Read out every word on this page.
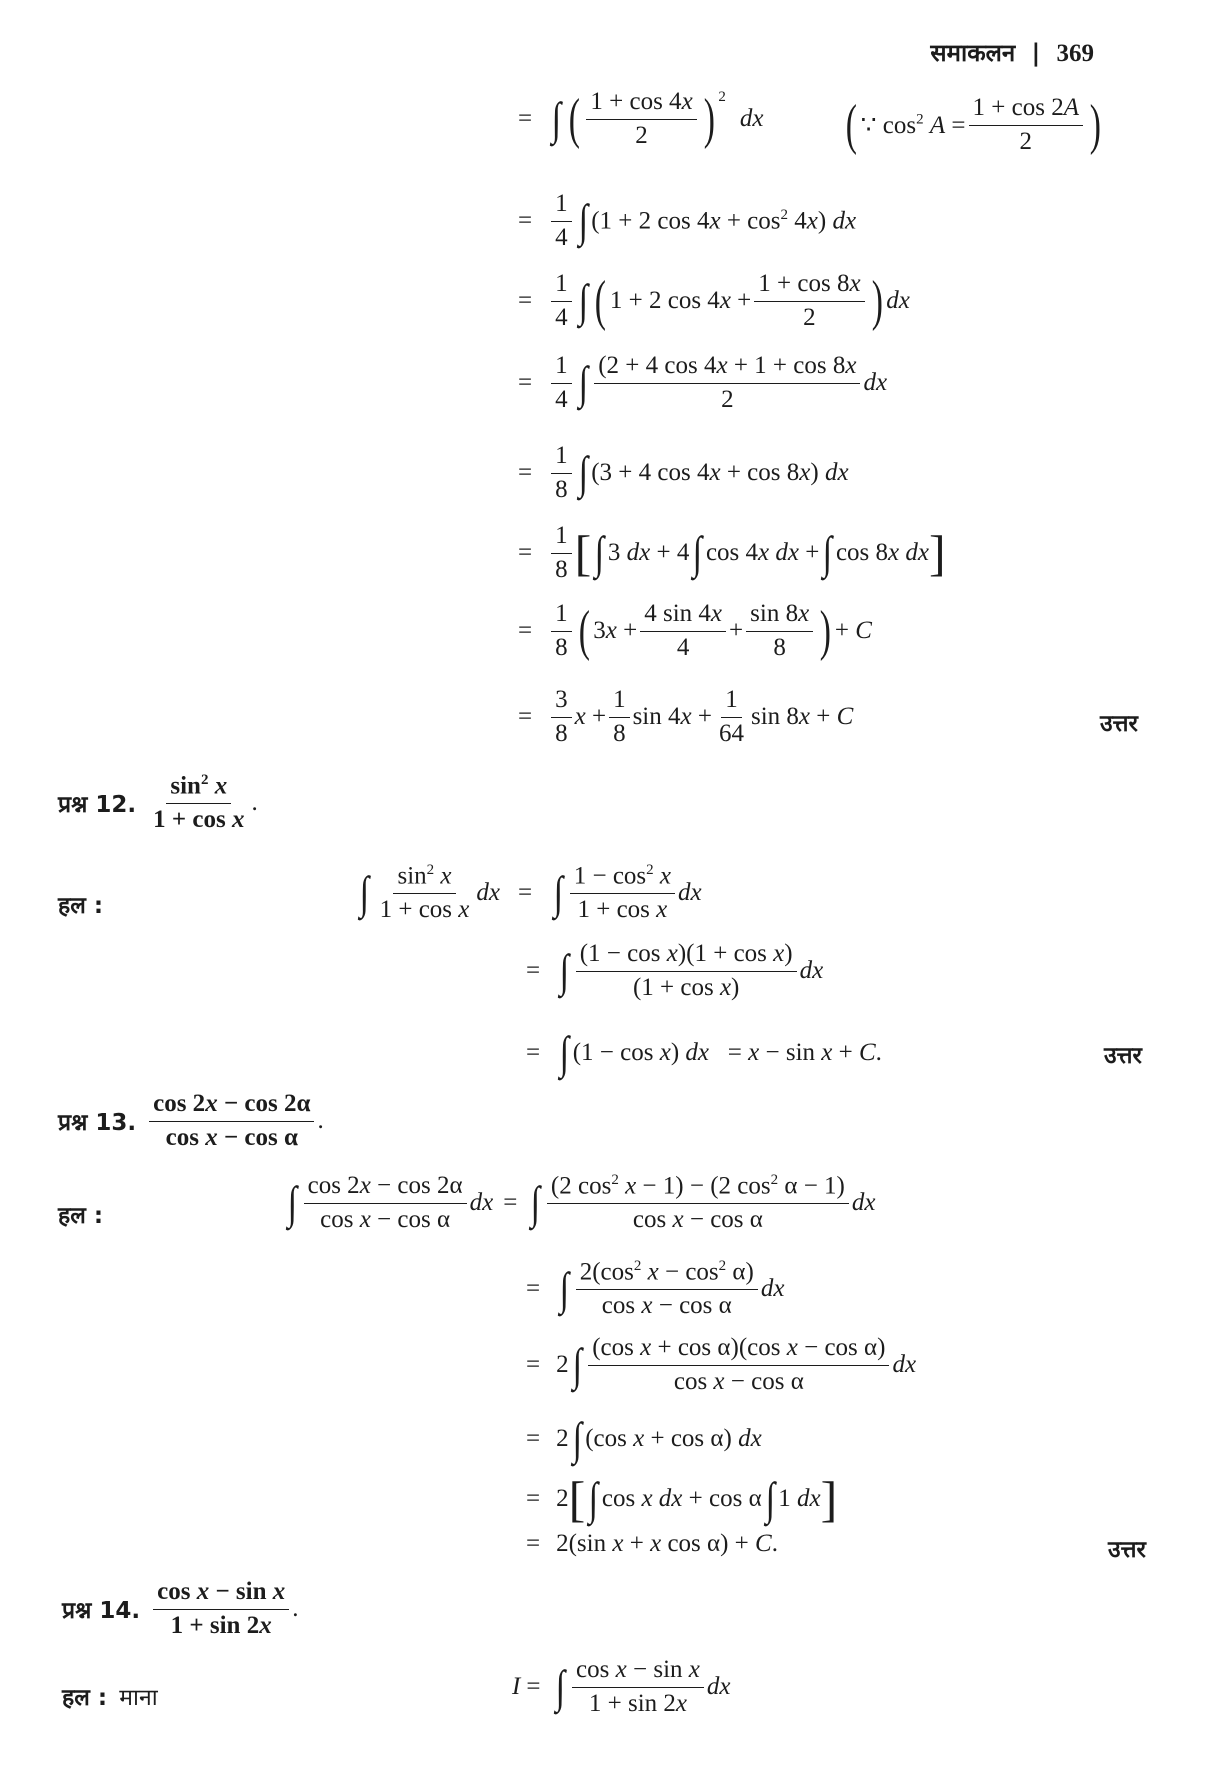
समाकलन | 369
= ∫ ( $\frac{1 + \cos 4x}{2} )^2$
dx ( ∵ $\cos^2 A = \frac{1 + \cos 2A}{2}$ )
= $\frac{1}{4}$ ∫ (1 + 2 $\cos 4x + \cos^2 4x$) dx
= $\frac{1}{4}$ ∫ ( 1 + 2 $\cos 4x + \frac{1 + \cos 8x}{2}$ ) dx
= $\frac{1}{4}$ ∫ $\frac{(2 + 4 \cos 4x + 1 + \cos 8x}{2}$ dx
= $\frac{1}{8}$ ∫ (3 + 4 cos 4x + cos 8x) dx
= $\frac{1}{8}$ [ ∫ 3 dx + 4 ∫ cos 4x dx + ∫ cos 8x dx ]
= $\frac{1}{8}$ ( $3x + \frac{4 \sin 4x}{4} + \frac{\sin 8x}{8}$ ) + C
= $\frac{3}{8}$ $x + \frac{1}{8}$ $\sin 4x + \frac{1}{64}$ sin 8x + C	उत्तर
प्रश्न 12. $\frac{\sin^2 x}{\text{1 + cos x}}$ .
हल :	∫ $\frac{\sin^2 x}{\text{1 + cos x}}$ dx = ∫ $\frac{1 - \cos^2 x}{\text{1 + cos x}}$ dx
= ∫ $\frac{\text{(1 − cos x)(1 + cos x)}}{\text{(1 + cos x)}}$ dx
= ∫ (1 − cos x) dx   = x − sin x + C.	उत्तर
प्रश्न 13. $\frac{\cos 2x - \cos 2\alpha}{\text{cos x − cos α}}$ .
हल :	∫ $\frac{\cos 2x - \cos 2\alpha}{\text{cos x − cos α}}$ dx = ∫ $\frac{(2 \cos^2 x - 1) - (2 \cos^2 \alpha - 1)}{\text{cos x − cos α}}$ dx
= ∫ $\frac{2(\cos^2 x - \cos^2 \alpha)}{\text{cos x − cos α}}$ dx
= 2 ∫ $\frac{\text{(cos x + cos α)(cos x − cos α)}}{\text{cos x − cos α}}$ dx
= 2 ∫ (cos x + cos α) dx
= 2 [ ∫ cos x dx + cos α ∫ 1 dx ]
= 2(sin x + x cos α) + C.	उत्तर
प्रश्न 14. $\frac{\text{cos x − sin x}}{1 + \sin 2x}$ .
हल : माना	I = ∫ $\frac{\text{cos x − sin x}}{1 + \sin 2x}$ dx
